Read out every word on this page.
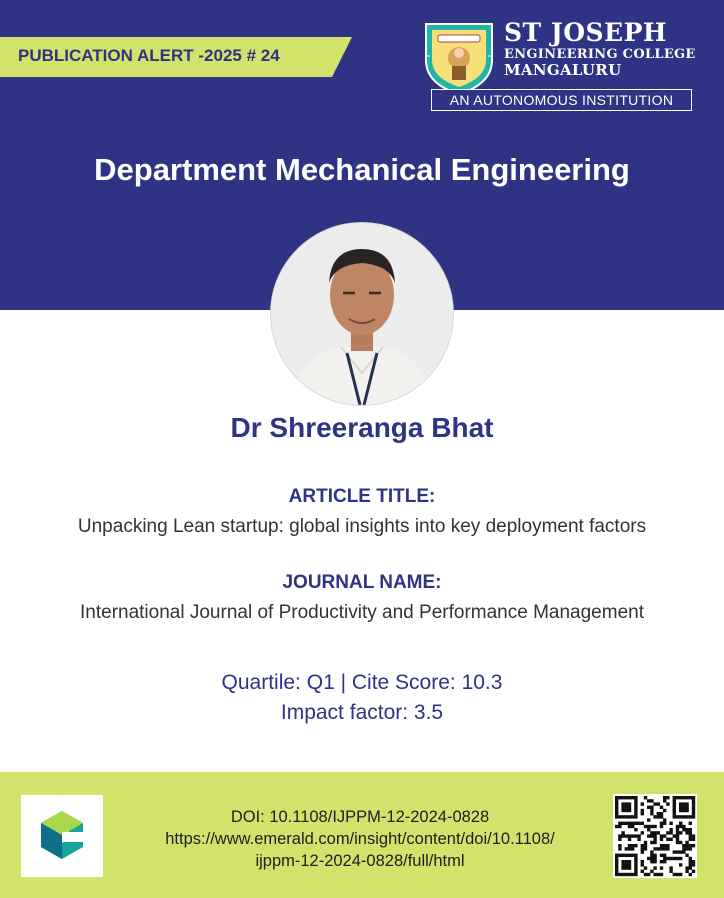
PUBLICATION ALERT -2025 # 24
ST JOSEPH
ENGINEERING COLLEGE
MANGALURU
AN AUTONOMOUS INSTITUTION
Department Mechanical Engineering
Dr Shreeranga Bhat
ARTICLE TITLE:
Unpacking Lean startup: global insights into key deployment factors
JOURNAL NAME:
International Journal of Productivity and Performance Management
Quartile: Q1 | Cite Score: 10.3
Impact factor: 3.5
DOI: 10.1108/IJPPM-12-2024-0828
https://www.emerald.com/insight/content/doi/10.1108/
ijppm-12-2024-0828/full/html
